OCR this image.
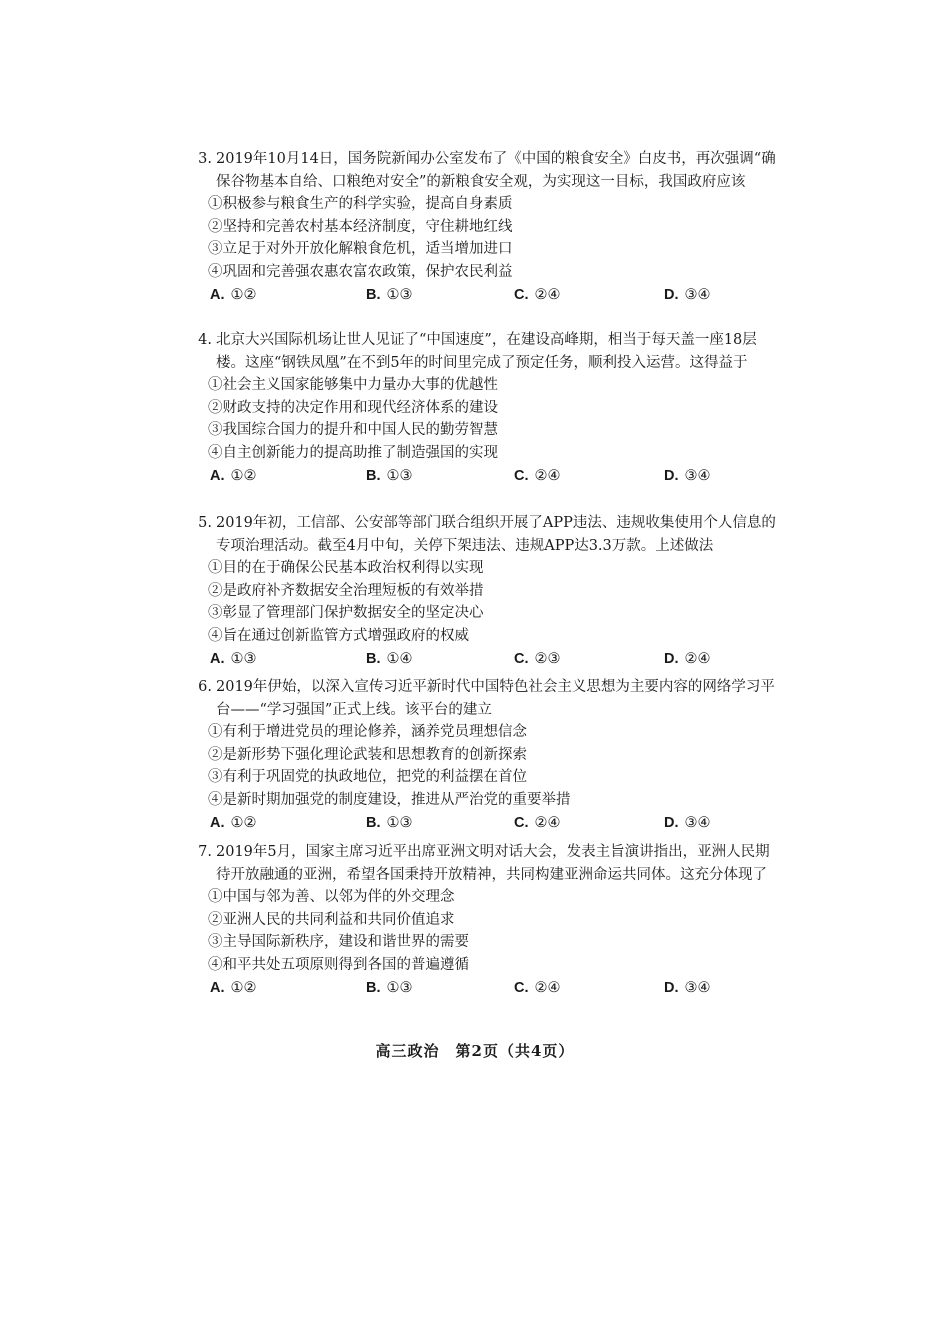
3. 2019年10月14日，国务院新闻办公室发布了《中国的粮食安全》白皮书，再次强调“确保谷物基本自给、口粮绝对安全”的新粮食安全观，为实现这一目标，我国政府应该
①积极参与粮食生产的科学实验，提高自身素质
②坚持和完善农村基本经济制度，守住耕地红线
③立足于对外开放化解粮食危机，适当增加进口
④巩固和完善强农惠农富农政策，保护农民利益
A. ①②	B. ①③	C. ②④	D. ③④
4. 北京大兴国际机场让世人见证了“中国速度”，在建设高峰期，相当于每天盖一座18层楼。这座“钢铁凤凰”在不到5年的时间里完成了预定任务，顺利投入运营。这得益于
①社会主义国家能够集中力量办大事的优越性
②财政支持的决定作用和现代经济体系的建设
③我国综合国力的提升和中国人民的勤劳智慧
④自主创新能力的提高助推了制造强国的实现
A. ①②	B. ①③	C. ②④	D. ③④
5. 2019年初，工信部、公安部等部门联合组织开展了APP违法、违规收集使用个人信息的专项治理活动。截至4月中旬，关停下架违法、违规APP达3.3万款。上述做法
①目的在于确保公民基本政治权利得以实现
②是政府补齐数据安全治理短板的有效举措
③彰显了管理部门保护数据安全的坚定决心
④旨在通过创新监管方式增强政府的权威
A. ①③	B. ①④	C. ②③	D. ②④
6. 2019年伊始，以深入宣传习近平新时代中国特色社会主义思想为主要内容的网络学习平台——“学习强国”正式上线。该平台的建立
①有利于增进党员的理论修养，涵养党员理想信念
②是新形势下强化理论武装和思想教育的创新探索
③有利于巩固党的执政地位，把党的利益摆在首位
④是新时期加强党的制度建设，推进从严治党的重要举措
A. ①②	B. ①③	C. ②④	D. ③④
7. 2019年5月，国家主席习近平出席亚洲文明对话大会，发表主旨演讲指出，亚洲人民期待开放融通的亚洲，希望各国秉持开放精神，共同构建亚洲命运共同体。这充分体现了
①中国与邻为善、以邻为伴的外交理念
②亚洲人民的共同利益和共同价值追求
③主导国际新秩序，建设和谐世界的需要
④和平共处五项原则得到各国的普遍遵循
A. ①②	B. ①③	C. ②④	D. ③④
高三政治　第2页（共4页）
